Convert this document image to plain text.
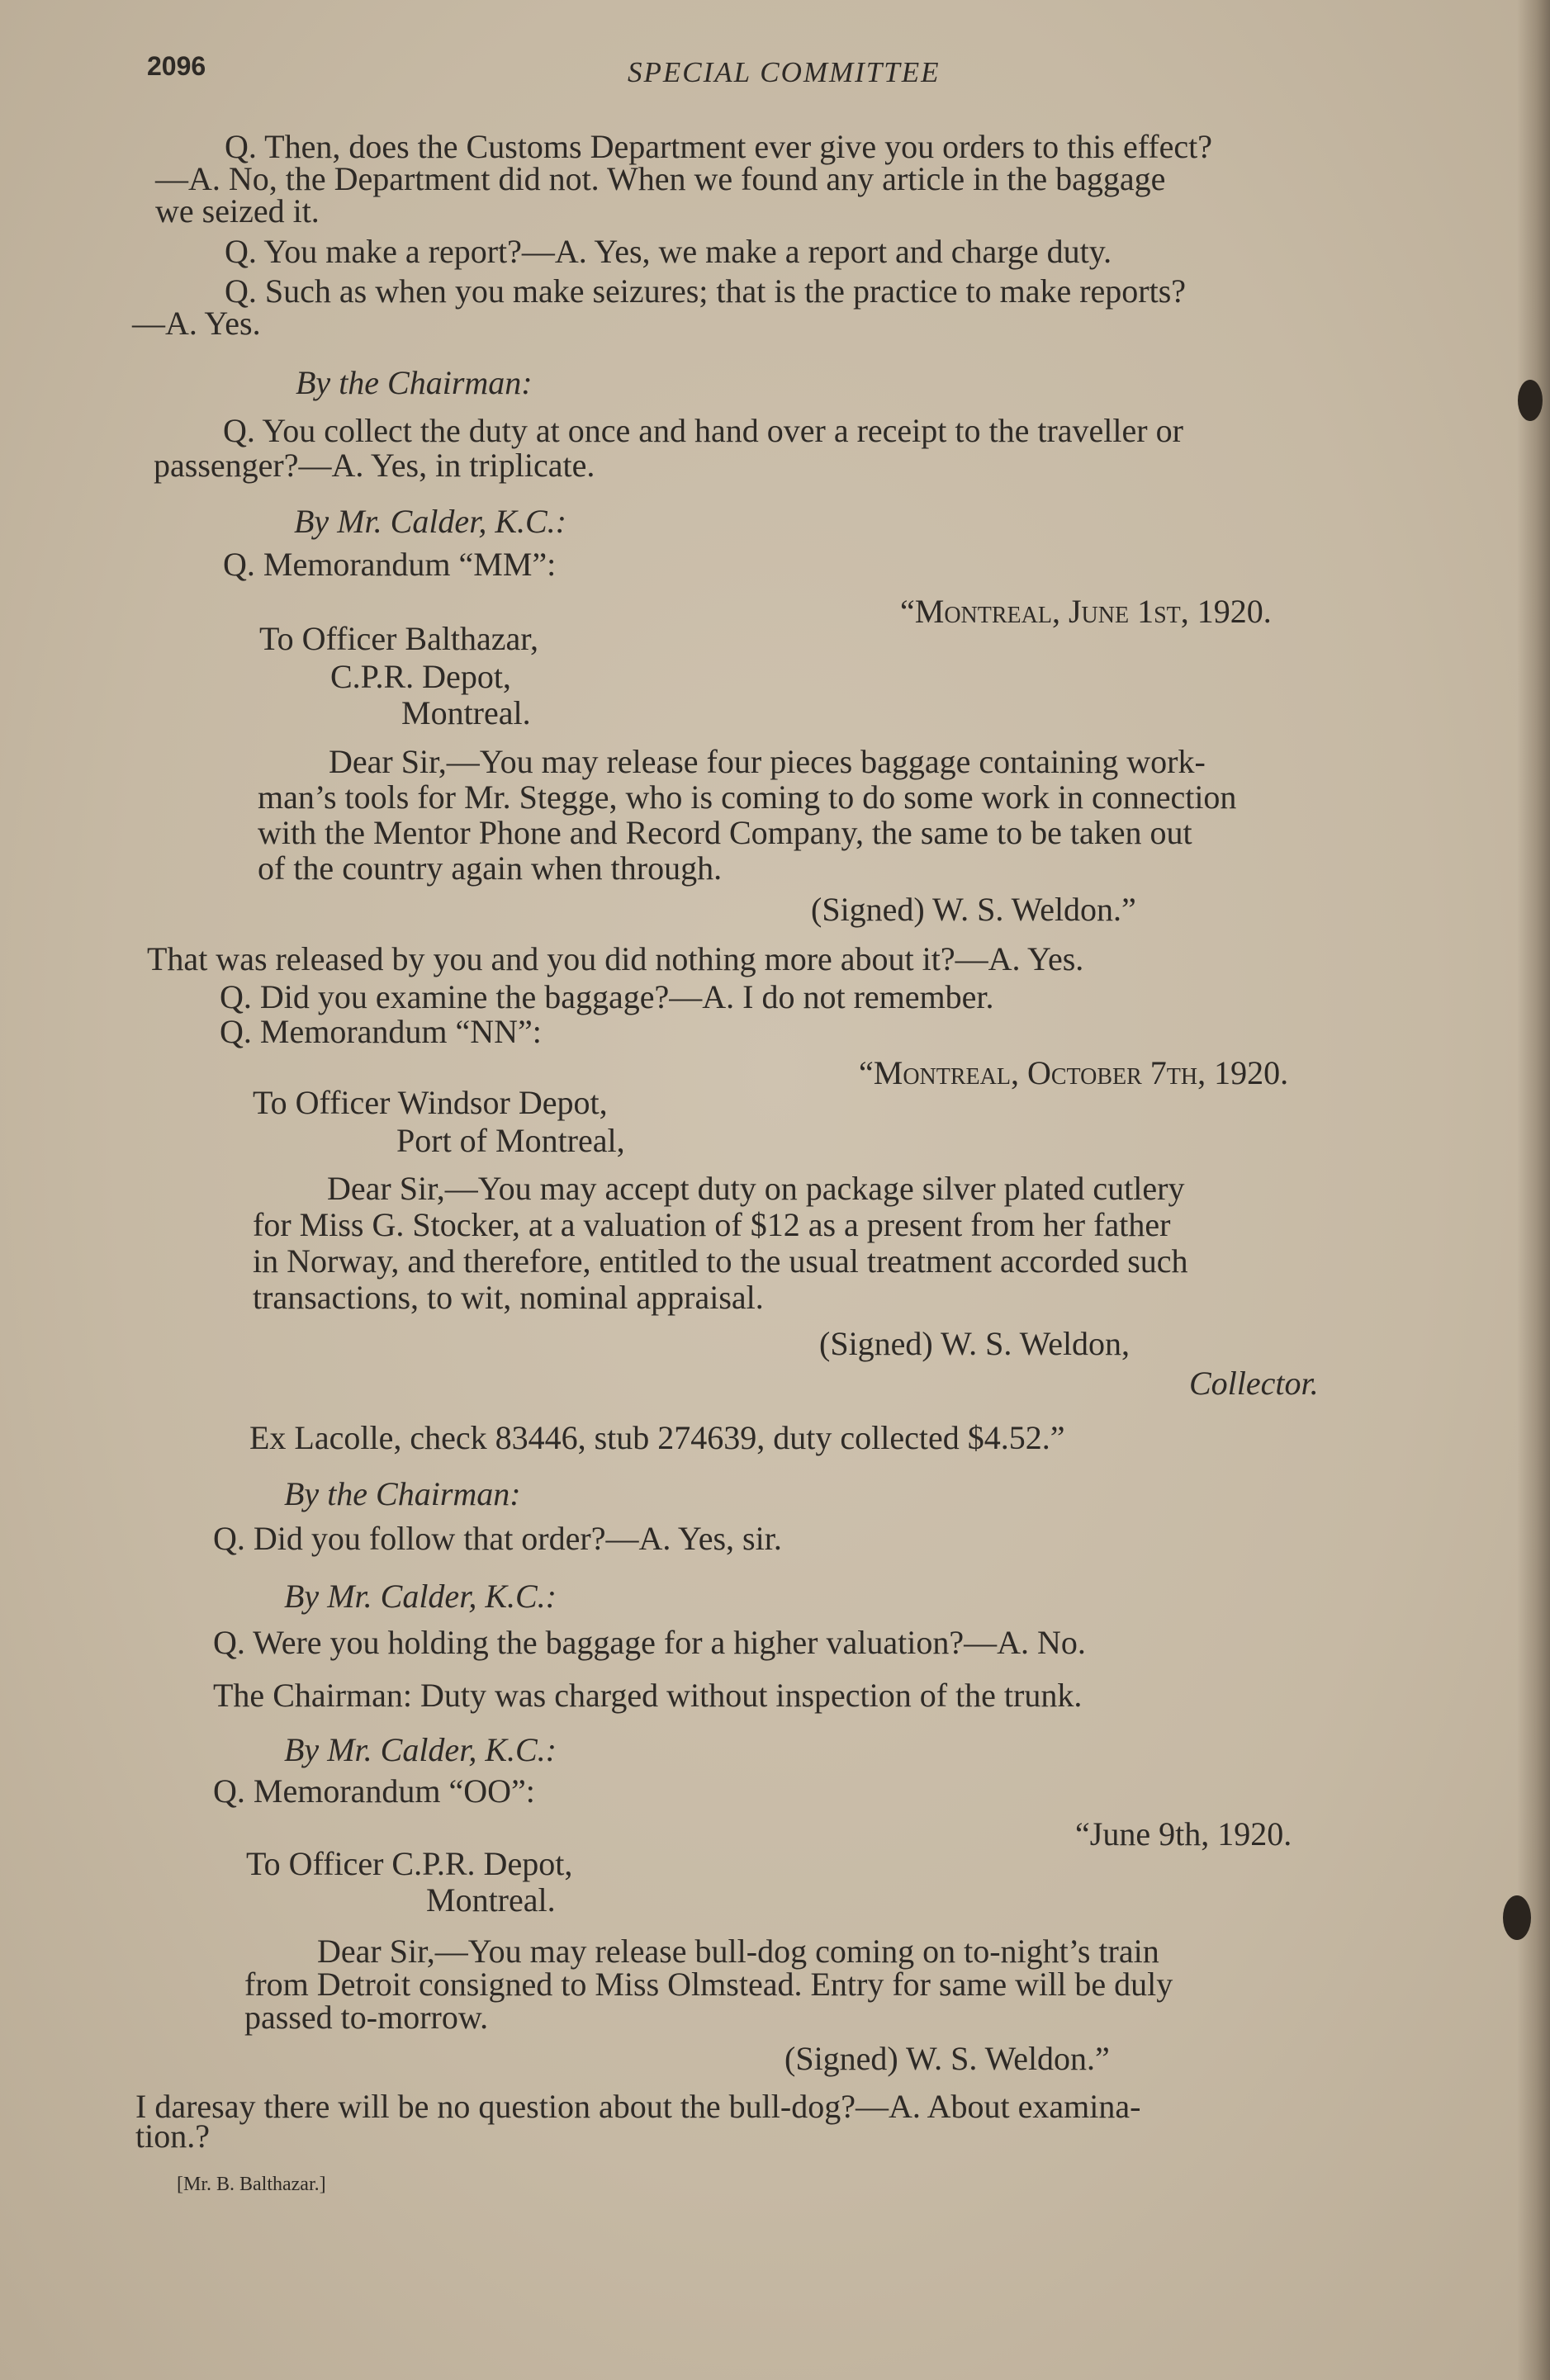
2096	SPECIAL COMMITTEE
Q. Then, does the Customs Department ever give you orders to this effect?
—A. No, the Department did not. When we found any article in the baggage
we seized it.
Q. You make a report?—A. Yes, we make a report and charge duty.
Q. Such as when you make seizures; that is the practice to make reports?
—A. Yes.
By the Chairman:
Q. You collect the duty at once and hand over a receipt to the traveller or
passenger?—A. Yes, in triplicate.
By Mr. Calder, K.C.:
Q. Memorandum “MM”:
“Montreal, June 1st, 1920.
To Officer Balthazar,
C.P.R. Depot,
Montreal.
Dear Sir,—You may release four pieces baggage containing work-
man’s tools for Mr. Stegge, who is coming to do some work in connection
with the Mentor Phone and Record Company, the same to be taken out
of the country again when through.
(Signed) W. S. Weldon.”
That was released by you and you did nothing more about it?—A. Yes.
Q. Did you examine the baggage?—A. I do not remember.
Q. Memorandum “NN”:
“Montreal, October 7th, 1920.
To Officer Windsor Depot,
Port of Montreal,
Dear Sir,—You may accept duty on package silver plated cutlery
for Miss G. Stocker, at a valuation of $12 as a present from her father
in Norway, and therefore, entitled to the usual treatment accorded such
transactions, to wit, nominal appraisal.
(Signed) W. S. Weldon,
Collector.
Ex Lacolle, check 83446, stub 274639, duty collected $4.52.”
By the Chairman:
Q. Did you follow that order?—A. Yes, sir.
By Mr. Calder, K.C.:
Q. Were you holding the baggage for a higher valuation?—A. No.
The Chairman: Duty was charged without inspection of the trunk.
By Mr. Calder, K.C.:
Q. Memorandum “OO”:
“June 9th, 1920.
To Officer C.P.R. Depot,
Montreal.
Dear Sir,—You may release bull-dog coming on to-night’s train
from Detroit consigned to Miss Olmstead. Entry for same will be duly
passed to-morrow.
(Signed) W. S. Weldon.”
I daresay there will be no question about the bull-dog?—A. About examina-
tion.?
[Mr. B. Balthazar.]
